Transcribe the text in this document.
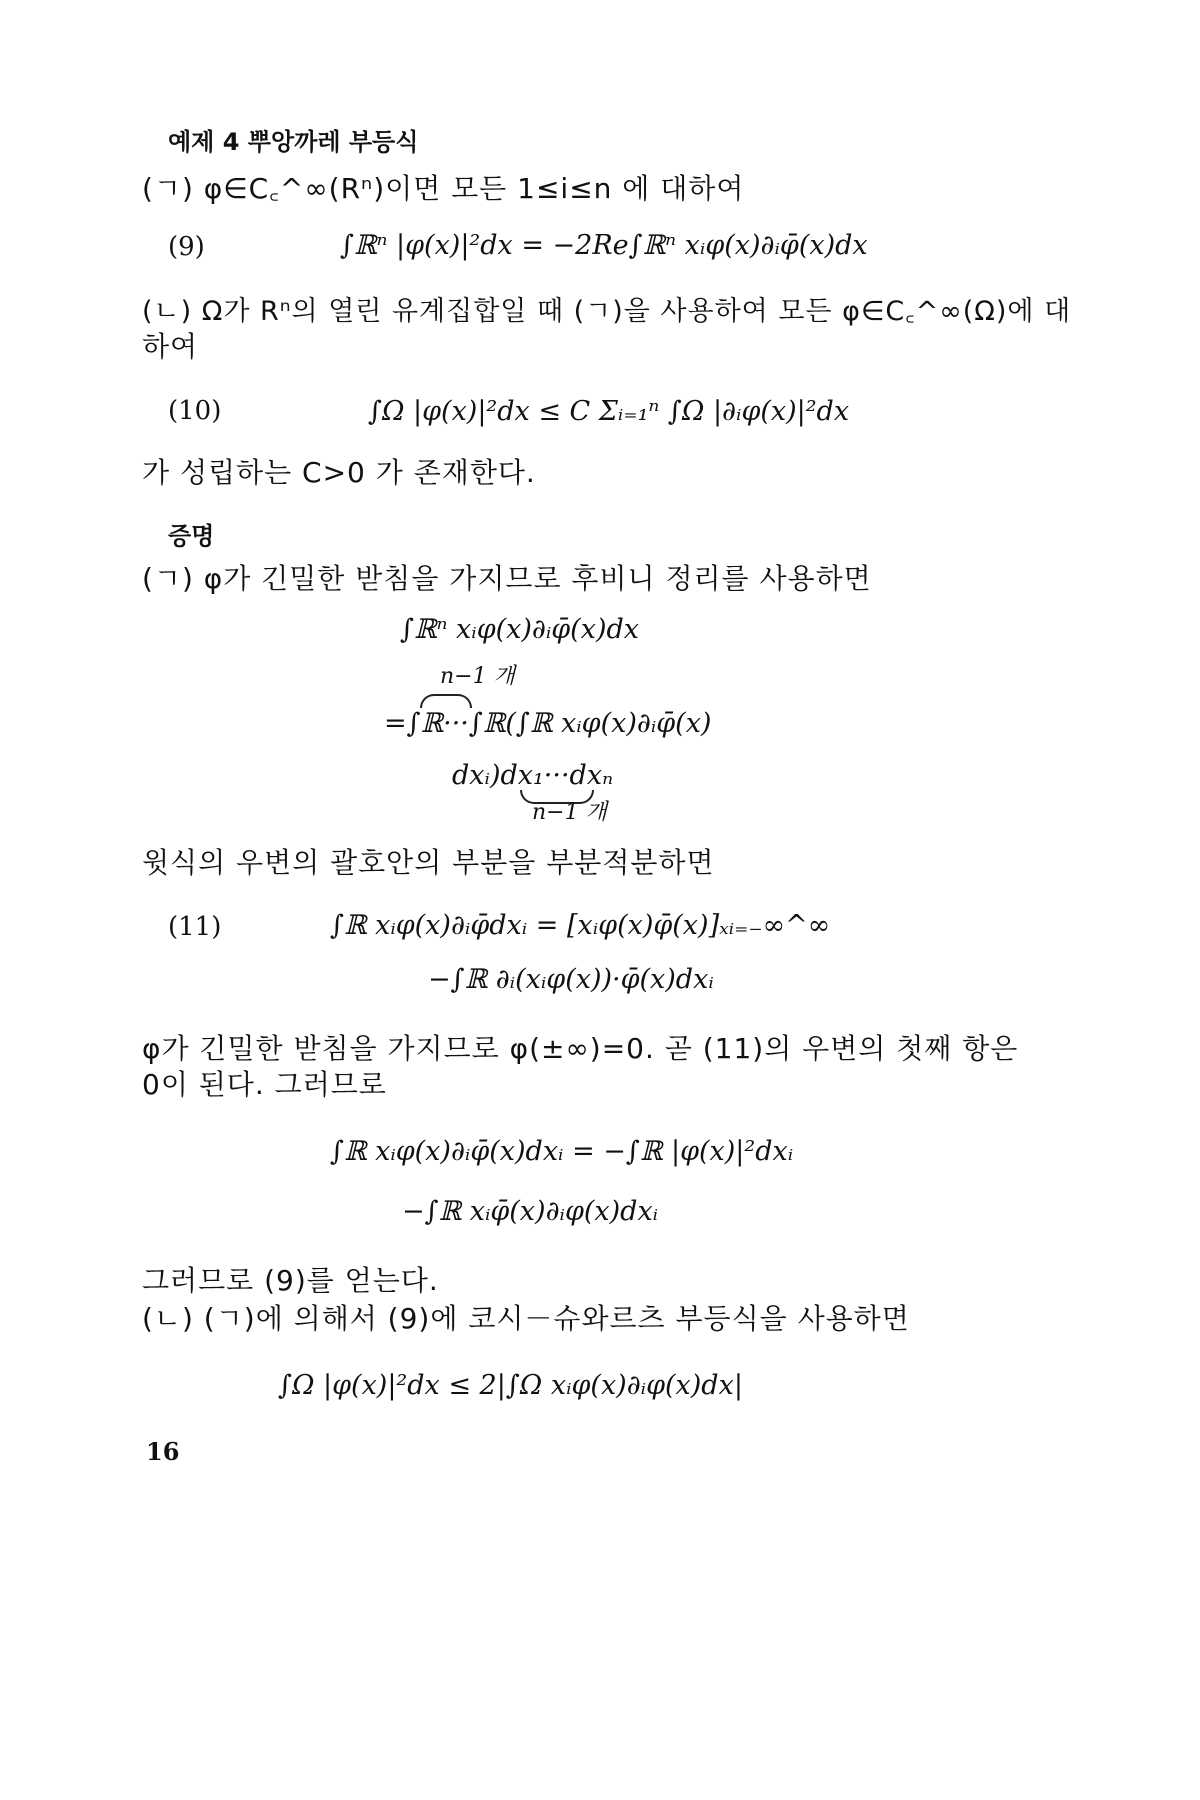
예제 4 뿌앙까레 부등식
(ㄱ) φ∈C꜀^∞(Rⁿ)이면 모든 1≤i≤n 에 대하여
(9)	∫ℝⁿ |φ(x)|²dx = −2Re∫ℝⁿ xᵢφ(x)∂ᵢφ̄(x)dx
(ㄴ) Ω가 Rⁿ의 열린 유계집합일 때 (ㄱ)을 사용하여 모든 φ∈C꜀^∞(Ω)에 대
하여
(10)	∫Ω |φ(x)|²dx ≤ C Σᵢ₌₁ⁿ ∫Ω |∂ᵢφ(x)|²dx
가 성립하는 C>0 가 존재한다.
증명
(ㄱ) φ가 긴밀한 받침을 가지므로 후비니 정리를 사용하면
∫ℝⁿ xᵢφ(x)∂ᵢφ̄(x)dx
n−1 개
=∫ℝ···∫ℝ(∫ℝ xᵢφ(x)∂ᵢφ̄(x)
dxᵢ)dx₁···dxₙ
n−1 개
윗식의 우변의 괄호안의 부분을 부분적분하면
(11)	∫ℝ xᵢφ(x)∂ᵢφ̄dxᵢ = [xᵢφ(x)φ̄(x)]ₓᵢ₌₋∞^∞
−∫ℝ ∂ᵢ(xᵢφ(x))·φ̄(x)dxᵢ
φ가 긴밀한 받침을 가지므로 φ(±∞)=0. 곧 (11)의 우변의 첫째 항은
0이 된다. 그러므로
∫ℝ xᵢφ(x)∂ᵢφ̄(x)dxᵢ = −∫ℝ |φ(x)|²dxᵢ
−∫ℝ xᵢφ̄(x)∂ᵢφ(x)dxᵢ
그러므로 (9)를 얻는다.
(ㄴ) (ㄱ)에 의해서 (9)에 코시－슈와르츠 부등식을 사용하면
∫Ω |φ(x)|²dx ≤ 2|∫Ω xᵢφ(x)∂ᵢφ(x)dx|
16
